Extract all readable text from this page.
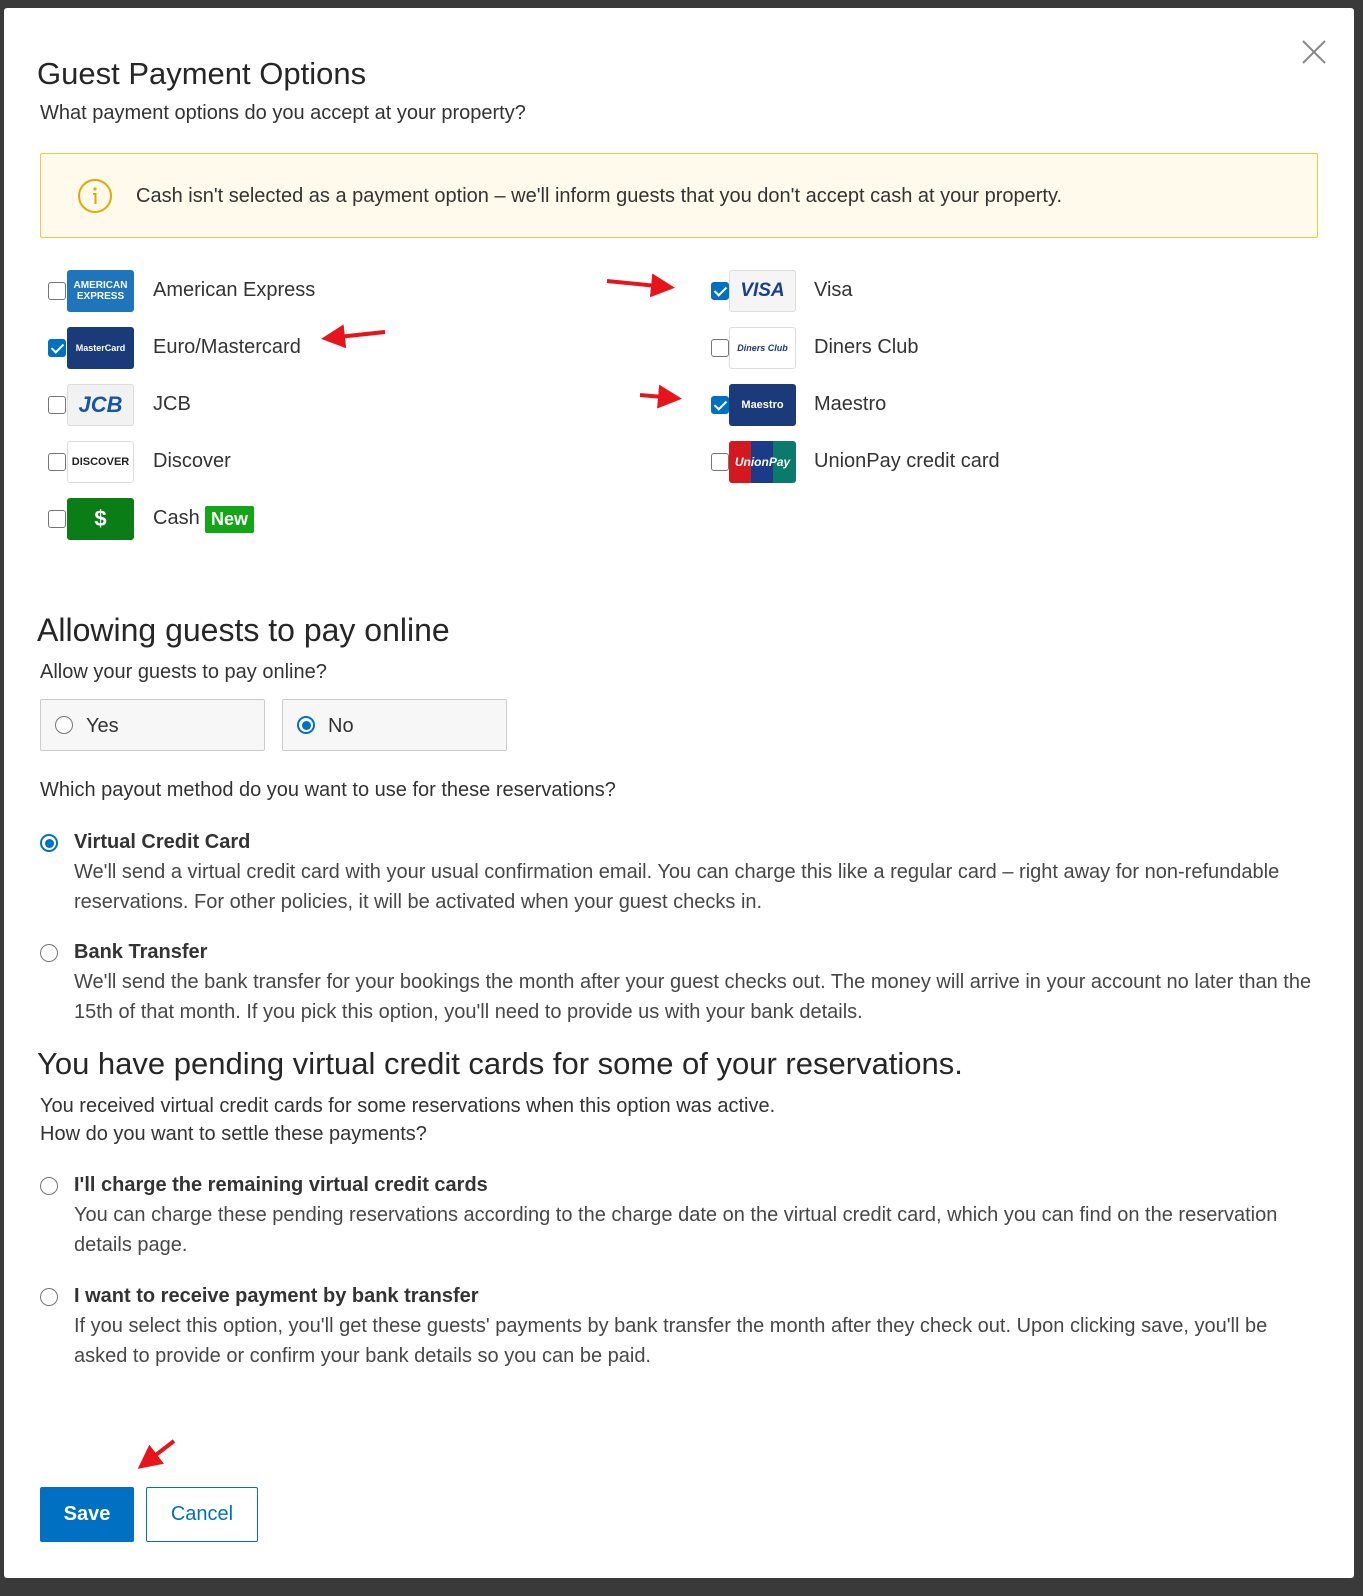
Guest Payment Options
What payment options do you accept at your property?
Cash isn't selected as a payment option – we'll inform guests that you don't accept cash at your property.
AMERICAN EXPRESS	American Express
MasterCard	Euro/Mastercard
JCB	JCB
DISCOVER Discover
$	Cash New
VISA	Visa
Diners Club	Diners Club
Maestro	Maestro
UnionPay UnionPay credit card
Allowing guests to pay online
Allow your guests to pay online?
Yes	No
Which payout method do you want to use for these reservations?
Virtual Credit Card
We'll send a virtual credit card with your usual confirmation email. You can charge this like a regular card – right away for non-refundable reservations. For other policies, it will be activated when your guest checks in.
Bank Transfer
We'll send the bank transfer for your bookings the month after your guest checks out. The money will arrive in your account no later than the 15th of that month. If you pick this option, you'll need to provide us with your bank details.
You have pending virtual credit cards for some of your reservations.
You received virtual credit cards for some reservations when this option was active.
How do you want to settle these payments?
I'll charge the remaining virtual credit cards
You can charge these pending reservations according to the charge date on the virtual credit card, which you can find on the reservation details page.
I want to receive payment by bank transfer
If you select this option, you'll get these guests' payments by bank transfer the month after they check out. Upon clicking save, you'll be asked to provide or confirm your bank details so you can be paid.
Save	Cancel
